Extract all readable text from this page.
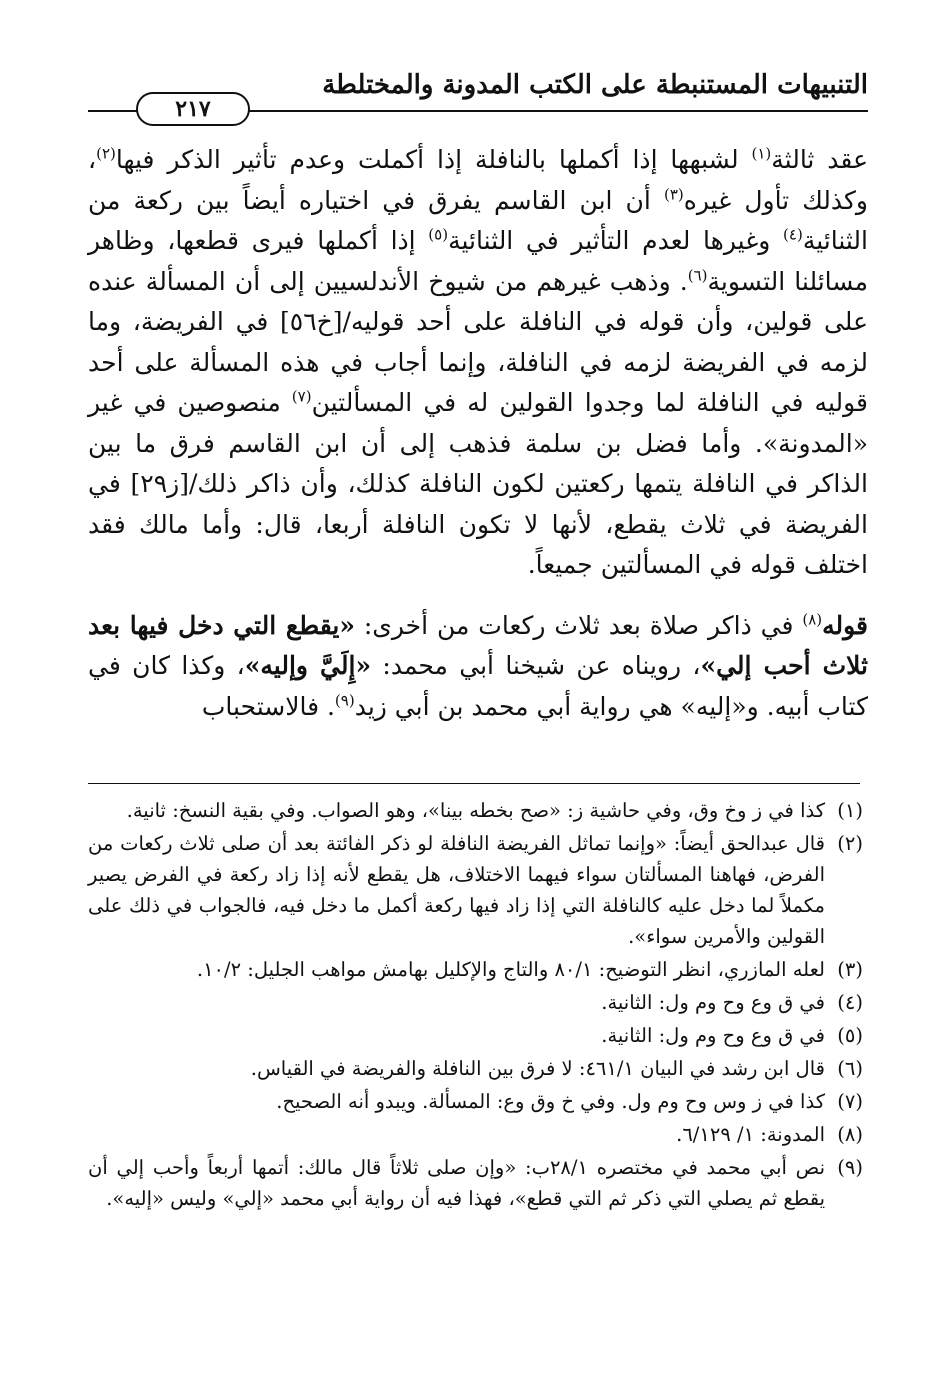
التنبيهات المستنبطة على الكتب المدونة والمختلطة
٢١٧

عقد ثالثة$^{(١)}$ لشبهها إذا أكملها بالنافلة إذا أكملت وعدم تأثير الذكر فيها$^{(٢)}$، وكذلك تأول غيره$^{(٣)}$ أن ابن القاسم يفرق في اختياره أيضاً بين ركعة من الثنائية$^{(٤)}$ وغيرها لعدم التأثير في الثنائية$^{(٥)}$ إذا أكملها فيرى قطعها، وظاهر مسائلنا التسوية$^{(٦)}$. وذهب غيرهم من شيوخ الأندلسيين إلى أن المسألة عنده على قولين، وأن قوله في النافلة على أحد قوليه/[خ٥٦] في الفريضة، وما لزمه في الفريضة لزمه في النافلة، وإنما أجاب في هذه المسألة على أحد قوليه في النافلة لما وجدوا القولين له في المسألتين$^{(٧)}$ منصوصين في غير «المدونة». وأما فضل بن سلمة فذهب إلى أن ابن القاسم فرق ما بين الذاكر في النافلة يتمها ركعتين لكون النافلة كذلك، وأن ذاكر ذلك/[ز٢٩] في الفريضة في ثلاث يقطع، لأنها لا تكون النافلة أربعا، قال: وأما مالك فقد اختلف قوله في المسألتين جميعاً.

قوله$^{(٨)}$ في ذاكر صلاة بعد ثلاث ركعات من أخرى: «يقطع التي دخل فيها بعد ثلاث أحب إلي»، رويناه عن شيخنا أبي محمد: «إِلَيَّ وإليه»، وكذا كان في كتاب أبيه. و«إليه» هي رواية أبي محمد بن أبي زيد$^{(٩)}$. فالاستحباب

(١)
كذا في ز وخ وق، وفي حاشية ز: «صح بخطه بينا»، وهو الصواب. وفي بقية النسخ: ثانية.
(٢)
قال عبدالحق أيضاً: «وإنما تماثل الفريضة النافلة لو ذكر الفائتة بعد أن صلى ثلاث ركعات من الفرض، فهاهنا المسألتان سواء فيهما الاختلاف، هل يقطع لأنه إذا زاد ركعة في الفرض يصير مكملاً لما دخل عليه كالنافلة التي إذا زاد فيها ركعة أكمل ما دخل فيه، فالجواب في ذلك على القولين والأمرين سواء».
(٣)
لعله المازري، انظر التوضيح: ٨٠/١ والتاج والإكليل بهامش مواهب الجليل: ١٠/٢.
(٤)
في ق وع وح وم ول: الثانية.
(٥)
في ق وع وح وم ول: الثانية.
(٦)
قال ابن رشد في البيان ٤٦١/١: لا فرق بين النافلة والفريضة في القياس.
(٧)
كذا في ز وس وح وم ول. وفي خ وق وع: المسألة. ويبدو أنه الصحيح.
(٨)
المدونة: ١/ ٦/١٢٩.
(٩)
نص أبي محمد في مختصره ٢٨/١ب: «وإن صلى ثلاثاً قال مالك: أتمها أربعاً وأحب إلي أن يقطع ثم يصلي التي ذكر ثم التي قطع»، فهذا فيه أن رواية أبي محمد «إلي» وليس «إليه».
